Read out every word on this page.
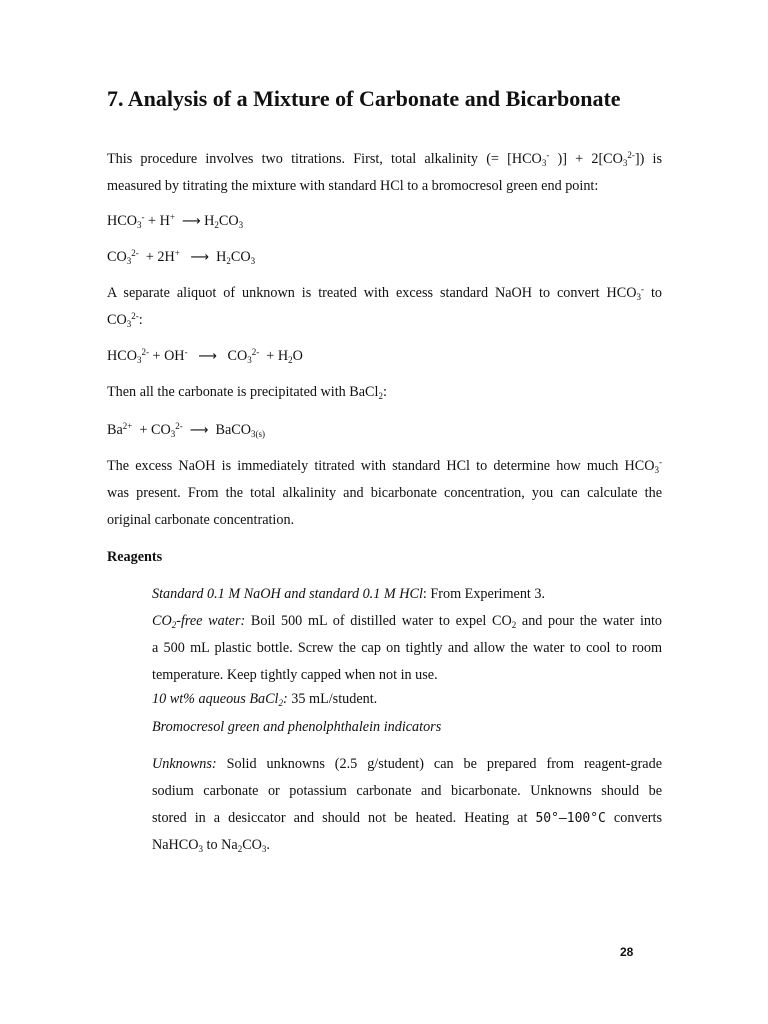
7. Analysis of a Mixture of Carbonate and Bicarbonate

This procedure involves two titrations. First, total alkalinity (= [$HCO_3^-$ )] + $2[CO_3^{2-}]$) is

measured by titrating the mixture with standard HCl to a bromocresol green end point:

$HCO_3^- + H^+$ ⟶ $H_2CO_3$

$CO_3^{2-} + 2H^+$ ⟶ $H_2CO_3$

A separate aliquot of unknown is treated with excess standard NaOH to convert $HCO_3^-$ to

$CO_3^{2-}$:

$HCO_3^{2-} + OH^-$ ⟶ $CO_3^{2-} + H_2O$

Then all the carbonate is precipitated with BaCl$_2$:

$Ba^{2+} + CO_3^{2-}$ ⟶ BaCO$_{3(s)}$

The excess NaOH is immediately titrated with standard HCl to determine how much $HCO_3^-$

was present. From the total alkalinity and bicarbonate concentration, you can calculate the

original carbonate concentration.

Reagents

Standard 0.1 M NaOH and standard 0.1 M HCl: From Experiment 3.

$CO_2$-free water: Boil 500 mL of distilled water to expel $CO_2$ and pour the water into

a 500 mL plastic bottle. Screw the cap on tightly and allow the water to cool to room

temperature. Keep tightly capped when not in use.

10 wt% aqueous BaCl$_2$: 35 mL/student.

Bromocresol green and phenolphthalein indicators

Unknowns: Solid unknowns (2.5 g/student) can be prepared from reagent-grade

sodium carbonate or potassium carbonate and bicarbonate. Unknowns should be

stored in a desiccator and should not be heated. Heating at 50°–100°C converts

NaHCO$_3$ to $Na_2CO_3$.

28
